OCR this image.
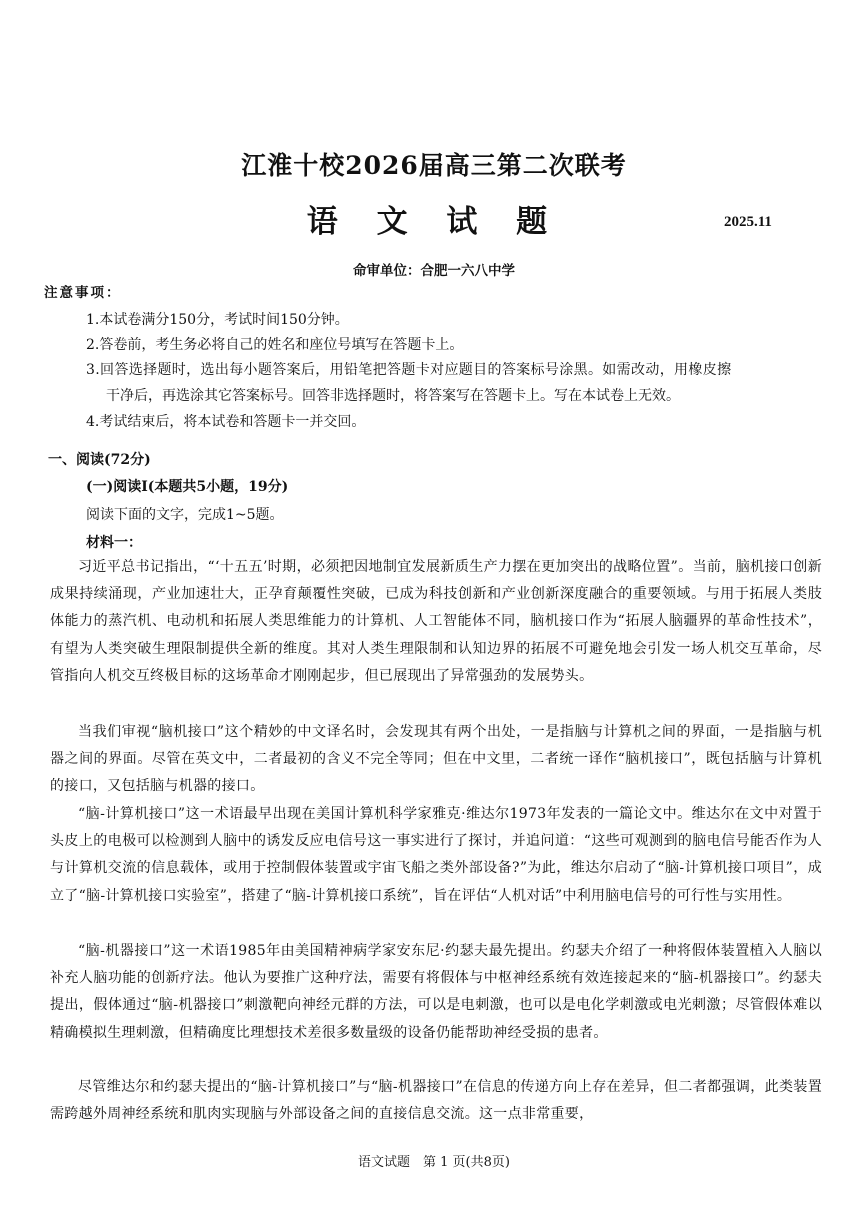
江淮十校2026届高三第二次联考
语 文 试 题	2025.11
命审单位：合肥一六八中学
注意事项：
1.本试卷满分150分，考试时间150分钟。
2.答卷前，考生务必将自己的姓名和座位号填写在答题卡上。
3.回答选择题时，选出每小题答案后，用铅笔把答题卡对应题目的答案标号涂黑。如需改动，用橡皮擦
干净后，再选涂其它答案标号。回答非选择题时，将答案写在答题卡上。写在本试卷上无效。
4.考试结束后，将本试卷和答题卡一并交回。
一、阅读(72分)
(一)阅读Ⅰ(本题共5小题，19分)
阅读下面的文字，完成1~5题。
材料一：

习近平总书记指出，“‘十五五’时期，必须把因地制宜发展新质生产力摆在更加突出的战略位置”。当前，脑机接口创新成果持续涌现，产业加速壮大，正孕育颠覆性突破，已成为科技创新和产业创新深度融合的重要领域。与用于拓展人类肢体能力的蒸汽机、电动机和拓展人类思维能力的计算机、人工智能体不同，脑机接口作为“拓展人脑疆界的革命性技术”，有望为人类突破生理限制提供全新的维度。其对人类生理限制和认知边界的拓展不可避免地会引发一场人机交互革命，尽管指向人机交互终极目标的这场革命才刚刚起步，但已展现出了异常强劲的发展势头。

当我们审视“脑机接口”这个精妙的中文译名时，会发现其有两个出处，一是指脑与计算机之间的界面，一是指脑与机器之间的界面。尽管在英文中，二者最初的含义不完全等同；但在中文里，二者统一译作“脑机接口”，既包括脑与计算机的接口，又包括脑与机器的接口。

“脑-计算机接口”这一术语最早出现在美国计算机科学家雅克·维达尔1973年发表的一篇论文中。维达尔在文中对置于头皮上的电极可以检测到人脑中的诱发反应电信号这一事实进行了探讨，并追问道：“这些可观测到的脑电信号能否作为人与计算机交流的信息载体，或用于控制假体装置或宇宙飞船之类外部设备?”为此，维达尔启动了“脑-计算机接口项目”，成立了“脑-计算机接口实验室”，搭建了“脑-计算机接口系统”，旨在评估“人机对话”中利用脑电信号的可行性与实用性。

“脑-机器接口”这一术语1985年由美国精神病学家安东尼·约瑟夫最先提出。约瑟夫介绍了一种将假体装置植入人脑以补充人脑功能的创新疗法。他认为要推广这种疗法，需要有将假体与中枢神经系统有效连接起来的“脑-机器接口”。约瑟夫提出，假体通过“脑-机器接口”刺激靶向神经元群的方法，可以是电刺激，也可以是电化学刺激或电光刺激；尽管假体难以精确模拟生理刺激，但精确度比理想技术差很多数量级的设备仍能帮助神经受损的患者。

尽管维达尔和约瑟夫提出的“脑-计算机接口”与“脑-机器接口”在信息的传递方向上存在差异，但二者都强调，此类装置需跨越外周神经系统和肌肉实现脑与外部设备之间的直接信息交流。这一点非常重要，

语文试题　第 1 页(共8页)
